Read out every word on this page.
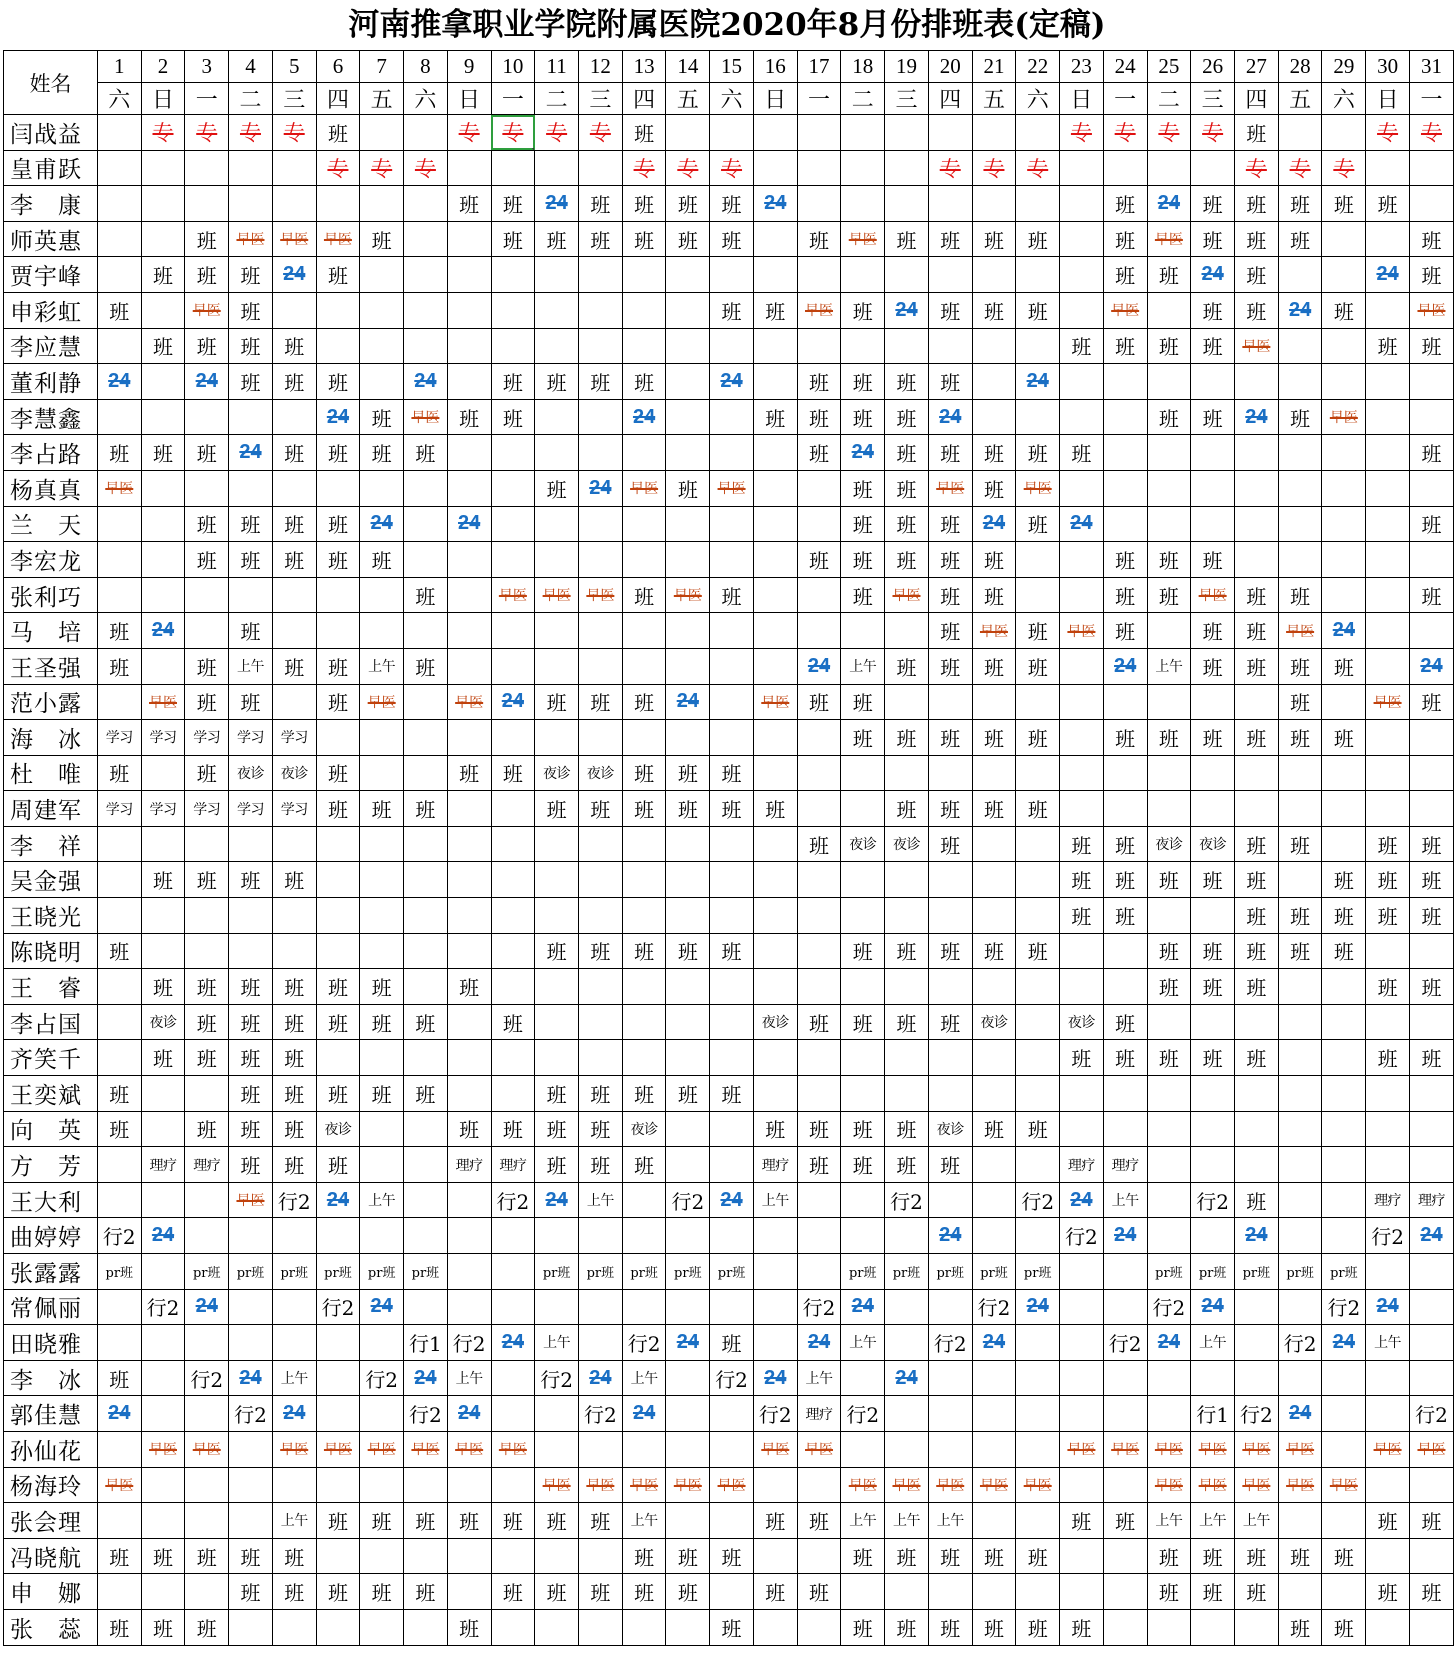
河南推拿职业学院附属医院2020年8月份排班表(定稿)
姓名	1	2	3	4	5	6	7	8	9	10	11	12	13	14	15	16	17	18	19	20	21	22	23	24	25	26	27	28	29	30	31
	六	日	一	二	三	四	五	六	日	一	二	三	四	五	六	日	一	二	三	四	五	六	日	一	二	三	四	五	六	日	一
闫战益		专	专	专	专	班			专	专	专	专	班										专	专	专	专	班			专	专
皇甫跃						专	专	专					专	专	专					专	专	专					专	专	专		
李 康									班	班	24	班	班	班	班	24								班	24	班	班	班	班	班	
师英惠			班	早医	早医	早医	班			班	班	班	班	班	班		班	早医	班	班	班	班		班	早医	班	班	班			班
贾宇峰		班	班	班	24	班																		班	班	24	班			24	班
申彩虹	班		早医	班											班	班	早医	班	24	班	班	班		早医		班	班	24	班		早医
李应慧		班	班	班	班																		班	班	班	班	早医			班	班
董利静	24		24	班	班	班		24		班	班	班	班		24		班	班	班	班		24									
李慧鑫						24	班	早医	班	班			24			班	班	班	班	24					班	班	24	班	早医		
李占路	班	班	班	24	班	班	班	班									班	24	班	班	班	班	班								班
杨真真	早医										班	24	早医	班	早医			班	班	早医	班	早医									
兰 天			班	班	班	班	24		24									班	班	班	24	班	24								班
李宏龙			班	班	班	班	班										班	班	班	班	班			班	班	班					
张利巧								班		早医	早医	早医	班	早医	班			班	早医	班	班			班	班	早医	班	班			班
马 培	班	24		班																班	早医	班	早医	班		班	班	早医	24		
王圣强	班		班	上午	班	班	上午	班									24	上午	班	班	班	班		24	上午	班	班	班	班		24
范小露		早医	班	班		班	早医		早医	24	班	班	班	24		早医	班	班										班		早医	班
海 冰	学习	学习	学习	学习	学习													班	班	班	班	班		班	班	班	班	班	班		
杜 唯	班		班	夜诊	夜诊	班			班	班	夜诊	夜诊	班	班	班																
周建军	学习	学习	学习	学习	学习	班	班	班			班	班	班	班	班	班			班	班	班	班									
李 祥																	班	夜诊	夜诊	班			班	班	夜诊	夜诊	班	班		班	班
吴金强		班	班	班	班																		班	班	班	班	班		班	班	班
王晓光																							班	班			班	班	班	班	班
陈晓明	班										班	班	班	班	班			班	班	班	班	班			班	班	班	班	班		
王 睿		班	班	班	班	班	班		班																班	班	班			班	班
李占国		夜诊	班	班	班	班	班	班		班						夜诊	班	班	班	班	夜诊		夜诊	班							
齐笑千		班	班	班	班																		班	班	班	班	班			班	班
王奕斌	班			班	班	班	班	班			班	班	班	班	班																
向 英	班		班	班	班	夜诊			班	班	班	班	夜诊			班	班	班	班	夜诊	班	班									
方 芳		理疗	理疗	班	班	班			理疗	理疗	班	班	班			理疗	班	班	班	班			理疗	理疗							
王大利				早医	行2	24	上午			行2	24	上午		行2	24	上午			行2			行2	24	上午		行2	班			理疗	理疗
曲婷婷	行2	24																		24			行2	24			24			行2	24
张露露	pr班		pr班	pr班	pr班	pr班	pr班	pr班			pr班	pr班	pr班	pr班	pr班			pr班	pr班	pr班	pr班	pr班			pr班	pr班	pr班	pr班	pr班		
常佩丽		行2	24			行2	24										行2	24			行2	24			行2	24			行2	24	
田晓雅								行1	行2	24	上午		行2	24	班		24	上午		行2	24			行2	24	上午		行2	24	上午	
李 冰	班		行2	24	上午		行2	24	上午		行2	24	上午		行2	24	上午		24												
郭佳慧	24			行2	24			行2	24			行2	24			行2	理疗	行2								行1	行2	24			行2
孙仙花		早医	早医		早医	早医	早医	早医	早医	早医						早医	早医						早医	早医	早医	早医	早医	早医		早医	早医
杨海玲	早医										早医	早医	早医	早医	早医			早医	早医	早医	早医	早医			早医	早医	早医	早医	早医		
张会理					上午	班	班	班	班	班	班	班	上午			班	班	上午	上午	上午			班	班	上午	上午	上午			班	班
冯晓航	班	班	班	班	班								班	班	班			班	班	班	班	班			班	班	班	班	班		
申 娜				班	班	班	班	班		班	班	班	班	班		班	班								班	班	班			班	班
张 蕊	班	班	班						班						班			班	班	班	班	班	班					班	班		
